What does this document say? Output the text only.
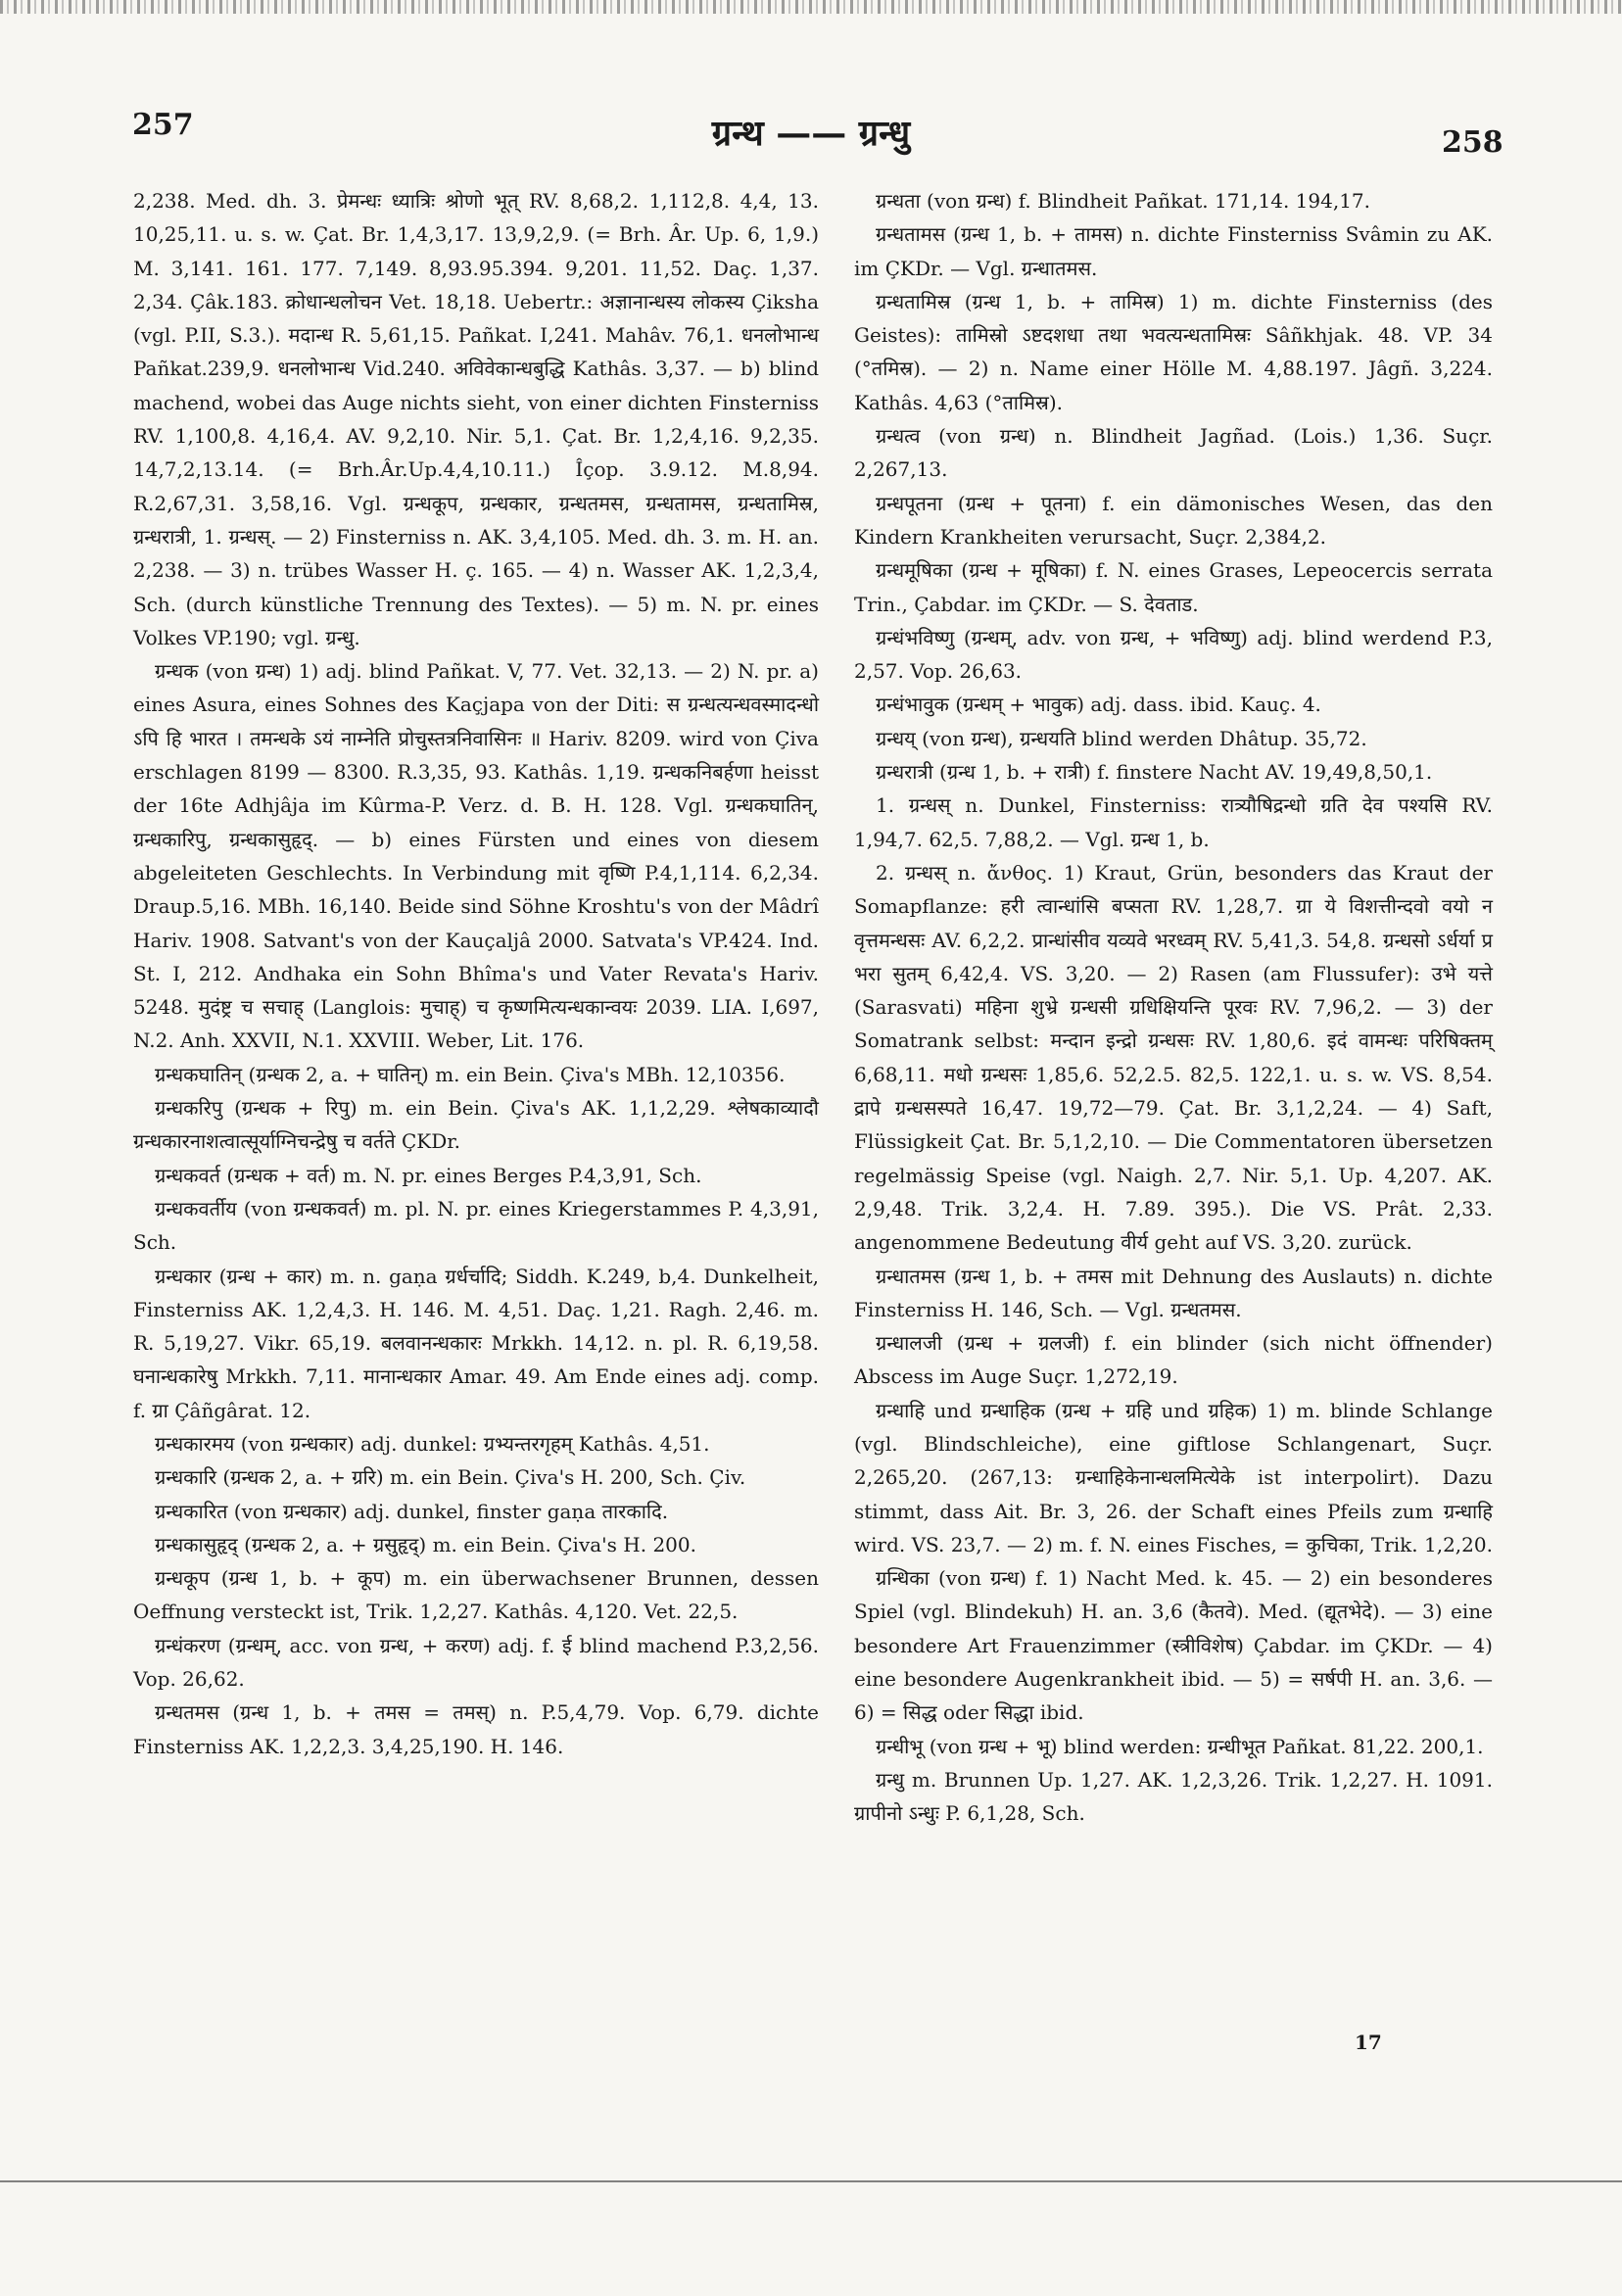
257	ग्रन्थ —— ग्रन्धु	258

2,238. Med. dh. 3. प्रेमन्धः ध्यात्रिः श्रोणो भूत् RV. 8,68,2. 1,112,8. 4,4, 13. 10,25,11. u. s. w. Çat. Br. 1,4,3,17. 13,9,2,9. (= Brh. Âr. Up. 6, 1,9.) M. 3,141. 161. 177. 7,149. 8,93.95.394. 9,201. 11,52. Daç. 1,37. 2,34. Çâk.183. क्रोधान्धलोचन Vet. 18,18. Uebertr.: अज्ञानान्धस्य लोकस्य Çiksha (vgl. P.II, S.3.). मदान्ध R. 5,61,15. Pañkat. I,241. Mahâv. 76,1. धनलोभान्ध Pañkat.239,9. धनलोभान्ध Vid.240. अविवेकान्धबुद्धि Kathâs. 3,37. — b) blind machend, wobei das Auge nichts sieht, von einer dichten Finsterniss RV. 1,100,8. 4,16,4. AV. 9,2,10. Nir. 5,1. Çat. Br. 1,2,4,16. 9,2,35. 14,7,2,13.14. (= Brh.Âr.Up.4,4,10.11.) Îçop. 3.9.12. M.8,94. R.2,67,31. 3,58,16. Vgl. ग्रन्धकूप, ग्रन्धकार, ग्रन्धतमस, ग्रन्धतामस, ग्रन्धतामिस्र, ग्रन्धरात्री, 1. ग्रन्धस्. — 2) Finsterniss n. AK. 3,4,105. Med. dh. 3. m. H. an. 2,238. — 3) n. trübes Wasser H. ç. 165. — 4) n. Wasser AK. 1,2,3,4, Sch. (durch künstliche Trennung des Textes). — 5) m. N. pr. eines Volkes VP.190; vgl. ग्रन्धु.

ग्रन्धक (von ग्रन्ध) 1) adj. blind Pañkat. V, 77. Vet. 32,13. — 2) N. pr. a) eines Asura, eines Sohnes des Kaçjapa von der Diti: स ग्रन्धत्यन्धवस्मादन्धो ऽपि हि भारत । तमन्धके ऽयं नाम्नेति प्रोचुस्तत्रनिवासिनः ॥ Hariv. 8209. wird von Çiva erschlagen 8199 — 8300. R.3,35, 93. Kathâs. 1,19. ग्रन्धकनिबर्हणा heisst der 16te Adhjâja im Kûrma-P. Verz. d. B. H. 128. Vgl. ग्रन्धकघातिन्, ग्रन्धकारिपु, ग्रन्धकासुहृद्. — b) eines Fürsten und eines von diesem abgeleiteten Geschlechts. In Verbindung mit वृष्णि P.4,1,114. 6,2,34. Draup.5,16. MBh. 16,140. Beide sind Söhne Kroshtu's von der Mâdrî Hariv. 1908. Satvant's von der Kauçaljâ 2000. Satvata's VP.424. Ind. St. I, 212. Andhaka ein Sohn Bhîma's und Vater Revata's Hariv. 5248. मुदंष्ट्र च सचाह् (Langlois: मुचाह्) च कृष्णमित्यन्धकान्वयः 2039. LIA. I,697, N.2. Anh. XXVII, N.1. XXVIII. Weber, Lit. 176.

ग्रन्धकघातिन् (ग्रन्धक 2, a. + घातिन्) m. ein Bein. Çiva's MBh. 12,10356.

ग्रन्धकरिपु (ग्रन्धक + रिपु) m. ein Bein. Çiva's AK. 1,1,2,29. श्लेषकाव्यादौ ग्रन्धकारनाशत्वात्सूर्याग्निचन्द्रेषु च वर्तते ÇKDr.

ग्रन्धकवर्त (ग्रन्धक + वर्त) m. N. pr. eines Berges P.4,3,91, Sch.

ग्रन्धकवर्तीय (von ग्रन्धकवर्त) m. pl. N. pr. eines Kriegerstammes P. 4,3,91, Sch.

ग्रन्धकार (ग्रन्ध + कार) m. n. gaṇa ग्रर्धर्चादि; Siddh. K.249, b,4. Dunkelheit, Finsterniss AK. 1,2,4,3. H. 146. M. 4,51. Daç. 1,21. Ragh. 2,46. m. R. 5,19,27. Vikr. 65,19. बलवानन्धकारः Mrkkh. 14,12. n. pl. R. 6,19,58. घनान्धकारेषु Mrkkh. 7,11. मानान्धकार Amar. 49. Am Ende eines adj. comp. f. ग्रा Çâñgârat. 12.

ग्रन्धकारमय (von ग्रन्धकार) adj. dunkel: ग्रभ्यन्तरगृहम् Kathâs. 4,51.

ग्रन्धकारि (ग्रन्धक 2, a. + ग्ररि) m. ein Bein. Çiva's H. 200, Sch. Çiv.

ग्रन्धकारित (von ग्रन्धकार) adj. dunkel, finster gaṇa तारकादि.

ग्रन्धकासुहृद् (ग्रन्धक 2, a. + ग्रसुहृद्) m. ein Bein. Çiva's H. 200.

ग्रन्धकूप (ग्रन्ध 1, b. + कूप) m. ein überwachsener Brunnen, dessen Oeffnung versteckt ist, Trik. 1,2,27. Kathâs. 4,120. Vet. 22,5.

ग्रन्धंकरण (ग्रन्धम्, acc. von ग्रन्ध, + करण) adj. f. ई blind machend P.3,2,56. Vop. 26,62.

ग्रन्धतमस (ग्रन्ध 1, b. + तमस = तमस्) n. P.5,4,79. Vop. 6,79. dichte Finsterniss AK. 1,2,2,3. 3,4,25,190. H. 146.

ग्रन्धता (von ग्रन्ध) f. Blindheit Pañkat. 171,14. 194,17.

ग्रन्धतामस (ग्रन्ध 1, b. + तामस) n. dichte Finsterniss Svâmin zu AK. im ÇKDr. — Vgl. ग्रन्धातमस.

ग्रन्धतामिस्र (ग्रन्ध 1, b. + तामिस्र) 1) m. dichte Finsterniss (des Geistes): तामिस्रो ऽष्टदशधा तथा भवत्यन्धतामिस्रः Sâñkhjak. 48. VP. 34 (°तमिस्र). — 2) n. Name einer Hölle M. 4,88.197. Jâgñ. 3,224. Kathâs. 4,63 (°तामिस्र).

ग्रन्धत्व (von ग्रन्ध) n. Blindheit Jagñad. (Lois.) 1,36. Suçr. 2,267,13.

ग्रन्धपूतना (ग्रन्ध + पूतना) f. ein dämonisches Wesen, das den Kindern Krankheiten verursacht, Suçr. 2,384,2.

ग्रन्धमूषिका (ग्रन्ध + मूषिका) f. N. eines Grases, Lepeocercis serrata Trin., Çabdar. im ÇKDr. — S. देवताड.

ग्रन्धंभविष्णु (ग्रन्धम्, adv. von ग्रन्ध, + भविष्णु) adj. blind werdend P.3, 2,57. Vop. 26,63.

ग्रन्धंभावुक (ग्रन्धम् + भावुक) adj. dass. ibid. Kauç. 4.

ग्रन्धय् (von ग्रन्ध), ग्रन्धयति blind werden Dhâtup. 35,72.

ग्रन्धरात्री (ग्रन्ध 1, b. + रात्री) f. finstere Nacht AV. 19,49,8,50,1.

1. ग्रन्धस् n. Dunkel, Finsterniss: रात्र्यौषिद्रन्धो ग्रति देव पश्यसि RV. 1,94,7. 62,5. 7,88,2. — Vgl. ग्रन्ध 1, b.

2. ग्रन्धस् n. ἄνθος. 1) Kraut, Grün, besonders das Kraut der Somapflanze: हरी त्वान्धांसि बप्सता RV. 1,28,7. ग्रा ये विशत्तीन्दवो वयो न वृत्तमन्धसः AV. 6,2,2. प्रान्धांसीव यव्यवे भरध्वम् RV. 5,41,3. 54,8. ग्रन्धसो ऽर्धर्या प्र भरा सुतम् 6,42,4. VS. 3,20. — 2) Rasen (am Flussufer): उभे यत्ते (Sarasvati) महिना शुभ्रे ग्रन्धसी ग्रधिक्षियन्ति पूरवः RV. 7,96,2. — 3) der Somatrank selbst: मन्दान इन्द्रो ग्रन्धसः RV. 1,80,6. इदं वामन्धः परिषिक्तम् 6,68,11. मधो ग्रन्धसः 1,85,6. 52,2.5. 82,5. 122,1. u. s. w. VS. 8,54. द्रापे ग्रन्धसस्पते 16,47. 19,72—79. Çat. Br. 3,1,2,24. — 4) Saft, Flüssigkeit Çat. Br. 5,1,2,10. — Die Commentatoren übersetzen regelmässig Speise (vgl. Naigh. 2,7. Nir. 5,1. Up. 4,207. AK. 2,9,48. Trik. 3,2,4. H. 7.89. 395.). Die VS. Prât. 2,33. angenommene Bedeutung वीर्य geht auf VS. 3,20. zurück.

ग्रन्धातमस (ग्रन्ध 1, b. + तमस mit Dehnung des Auslauts) n. dichte Finsterniss H. 146, Sch. — Vgl. ग्रन्धतमस.

ग्रन्धालजी (ग्रन्ध + ग्रलजी) f. ein blinder (sich nicht öffnender) Abscess im Auge Suçr. 1,272,19.

ग्रन्धाहि und ग्रन्धाहिक (ग्रन्ध + ग्रहि und ग्रहिक) 1) m. blinde Schlange (vgl. Blindschleiche), eine giftlose Schlangenart, Suçr. 2,265,20. (267,13: ग्रन्धाहिकेनान्धलमित्येके ist interpolirt). Dazu stimmt, dass Ait. Br. 3, 26. der Schaft eines Pfeils zum ग्रन्धाहि wird. VS. 23,7. — 2) m. f. N. eines Fisches, = कुचिका, Trik. 1,2,20.

ग्रन्धिका (von ग्रन्ध) f. 1) Nacht Med. k. 45. — 2) ein besonderes Spiel (vgl. Blindekuh) H. an. 3,6 (कैतवे). Med. (द्यूतभेदे). — 3) eine besondere Art Frauenzimmer (स्त्रीविशेष) Çabdar. im ÇKDr. — 4) eine besondere Augenkrankheit ibid. — 5) = सर्षपी H. an. 3,6. — 6) = सिद्ध oder सिद्धा ibid.

ग्रन्धीभू (von ग्रन्ध + भू) blind werden: ग्रन्धीभूत Pañkat. 81,22. 200,1.

ग्रन्धु m. Brunnen Up. 1,27. AK. 1,2,3,26. Trik. 1,2,27. H. 1091. ग्रापीनो ऽन्धुः P. 6,1,28, Sch.

17
